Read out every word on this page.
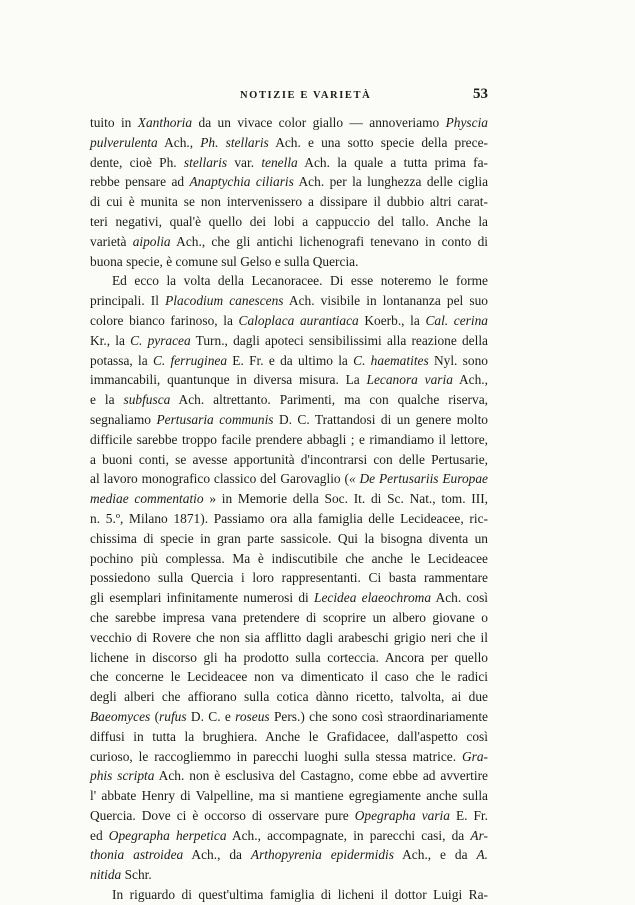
NOTIZIE E VARIETÀ	53
tuito in Xanthoria da un vivace color giallo — annoveriamo Physcia
pulverulenta Ach., Ph. stellaris Ach. e una sotto specie della prece-
dente, cioè Ph. stellaris var. tenella Ach. la quale a tutta prima fa-
rebbe pensare ad Anaptychia ciliaris Ach. per la lunghezza delle ciglia
di cui è munita se non intervenissero a dissipare il dubbio altri carat-
teri negativi, qual'è quello dei lobi a cappuccio del tallo. Anche la
varietà aipolia Ach., che gli antichi lichenografi tenevano in conto di
buona specie, è comune sul Gelso e sulla Quercia.
Ed ecco la volta della Lecanoracee. Di esse noteremo le forme
principali. Il Placodium canescens Ach. visibile in lontananza pel suo
colore bianco farinoso, la Caloplaca aurantiaca Koerb., la Cal. cerina
Kr., la C. pyracea Turn., dagli apoteci sensibilissimi alla reazione della
potassa, la C. ferruginea E. Fr. e da ultimo la C. haematites Nyl. sono
immancabili, quantunque in diversa misura. La Lecanora varia Ach.,
e la subfusca Ach. altrettanto. Parimenti, ma con qualche riserva,
segnaliamo Pertusaria communis D. C. Trattandosi di un genere molto
difficile sarebbe troppo facile prendere abbagli ; e rimandiamo il lettore,
a buoni conti, se avesse apportunità d'incontrarsi con delle Pertusarie,
al lavoro monografico classico del Garovaglio (« De Pertusariis Europae
mediae commentatio » in Memorie della Soc. It. di Sc. Nat., tom. III,
n. 5.º, Milano 1871). Passiamo ora alla famiglia delle Lecideacee, ric-
chissima di specie in gran parte sassicole. Qui la bisogna diventa un
pochino più complessa. Ma è indiscutibile che anche le Lecideacee
possiedono sulla Quercia i loro rappresentanti. Ci basta rammentare
gli esemplari infinitamente numerosi di Lecidea elaeochroma Ach. così
che sarebbe impresa vana pretendere di scoprire un albero giovane o
vecchio di Rovere che non sia afflitto dagli arabeschi grigio neri che il
lichene in discorso gli ha prodotto sulla corteccia. Ancora per quello
che concerne le Lecideacee non va dimenticato il caso che le radici
degli alberi che affiorano sulla cotica dànno ricetto, talvolta, ai due
Baeomyces (rufus D. C. e roseus Pers.) che sono così straordinariamente
diffusi in tutta la brughiera. Anche le Grafidacee, dall'aspetto così
curioso, le raccogliemmo in parecchi luoghi sulla stessa matrice. Gra-
phis scripta Ach. non è esclusiva del Castagno, come ebbe ad avvertire
l' abbate Henry di Valpelline, ma si mantiene egregiamente anche sulla
Quercia. Dove ci è occorso di osservare pure Opegrapha varia E. Fr.
ed Opegrapha herpetica Ach., accompagnate, in parecchi casi, da Ar-
thonia astroidea Ach., da Arthopyrenia epidermidis Ach., e da A.
nitida Schr.
In riguardo di quest'ultima famiglia di licheni il dottor Luigi Ra-
